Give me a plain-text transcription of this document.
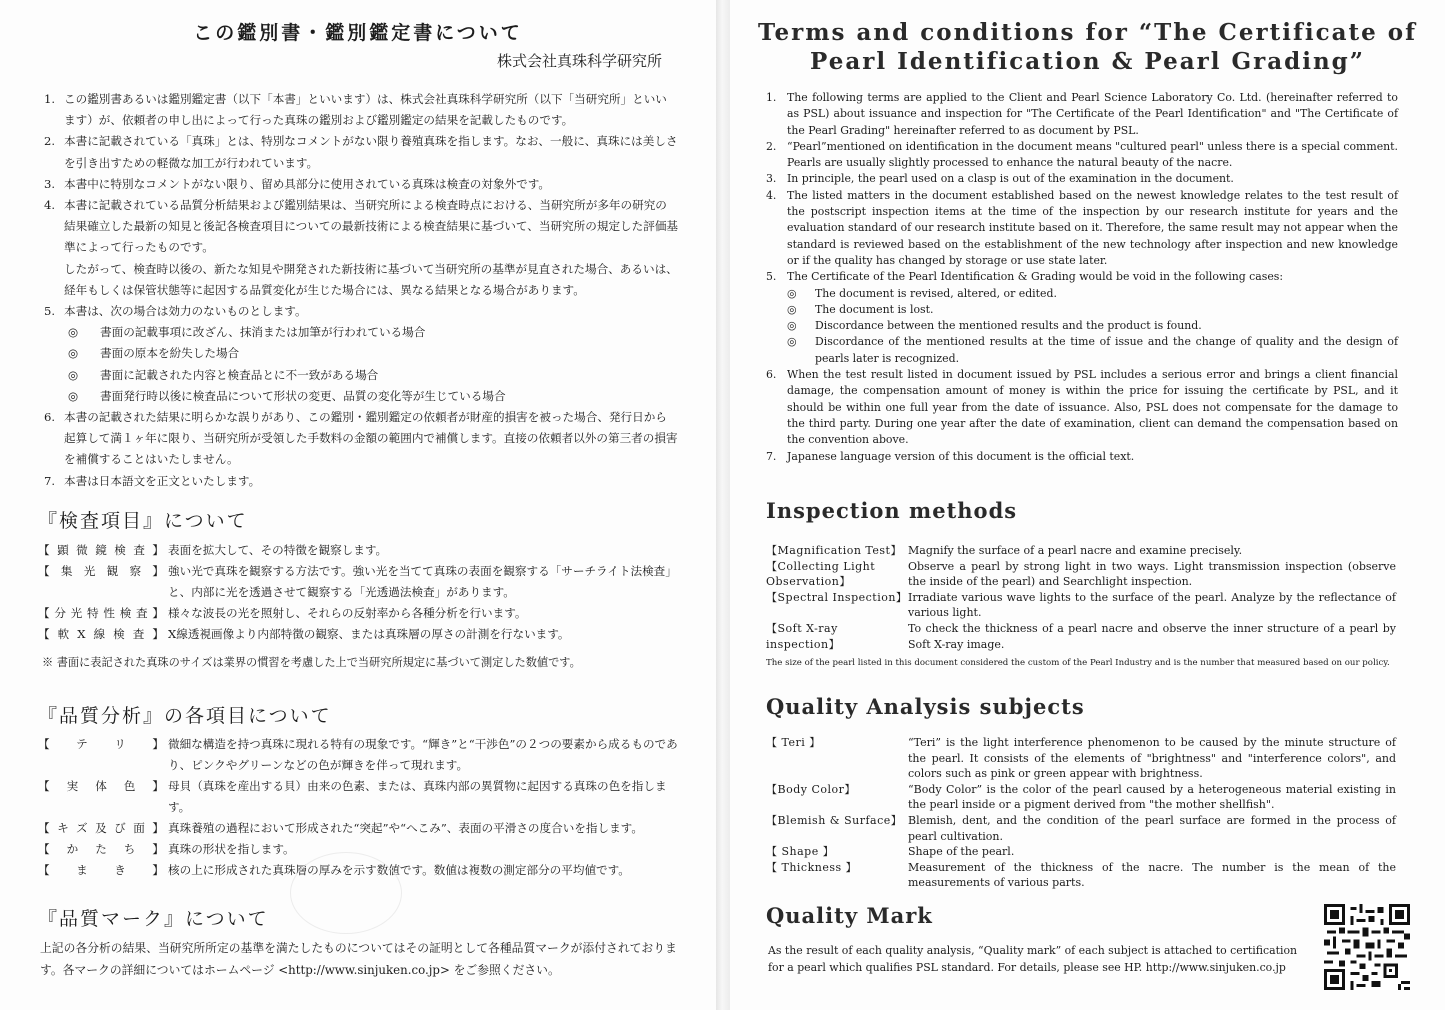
この鑑別書・鑑別鑑定書について
株式会社真珠科学研究所
1. この鑑別書あるいは鑑別鑑定書（以下「本書」といいます）は、株式会社真珠科学研究所（以下「当研究所」といいます）が、依頼者の申し出によって行った真珠の鑑別および鑑別鑑定の結果を記載したものです。
2. 本書に記載されている「真珠」とは、特別なコメントがない限り養殖真珠を指します。なお、一般に、真珠には美しさを引き出すための軽微な加工が行われています。
3. 本書中に特別なコメントがない限り、留め具部分に使用されている真珠は検査の対象外です。
4. 本書に記載されている品質分析結果および鑑別結果は、当研究所による検査時点における、当研究所が多年の研究の結果確立した最新の知見と後記各検査項目についての最新技術による検査結果に基づいて、当研究所の規定した評価基準によって行ったものです。
したがって、検査時以後の、新たな知見や開発された新技術に基づいて当研究所の基準が見直された場合、あるいは、経年もしくは保管状態等に起因する品質変化が生じた場合には、異なる結果となる場合があります。
5. 本書は、次の場合は効力のないものとします。
◎	書面の記載事項に改ざん、抹消または加筆が行われている場合
◎	書面の原本を紛失した場合
◎	書面に記載された内容と検査品とに不一致がある場合
◎	書面発行時以後に検査品について形状の変更、品質の変化等が生じている場合
6. 本書の記載された結果に明らかな誤りがあり、この鑑別・鑑別鑑定の依頼者が財産的損害を被った場合、発行日から起算して満１ヶ年に限り、当研究所が受領した手数料の金額の範囲内で補償します。直接の依頼者以外の第三者の損害を補償することはいたしません。
7. 本書は日本語文を正文といたします。
『検査項目』について
【顕微鏡検査】 表面を拡大して、その特徴を観察します。
【集光観察】 強い光で真珠を観察する方法です。強い光を当てて真珠の表面を観察する「サーチライト法検査」と、内部に光を透過させて観察する「光透過法検査」があります。
【分光特性検査】 様々な波長の光を照射し、それらの反射率から各種分析を行います。
【軟X線検査】 X線透視画像より内部特徴の観察、または真珠層の厚さの計測を行ないます。
※ 書面に表記された真珠のサイズは業界の慣習を考慮した上で当研究所規定に基づいて測定した数値です。
『品質分析』の各項目について
【テリ】 微細な構造を持つ真珠に現れる特有の現象です。“輝き”と“干渉色”の２つの要素から成るものであり、ピンクやグリーンなどの色が輝きを伴って現れます。
【実体色】 母貝（真珠を産出する貝）由来の色素、または、真珠内部の異質物に起因する真珠の色を指します。
【キズ及び面】 真珠養殖の過程において形成された“突起”や“へこみ”、表面の平滑さの度合いを指します。
【かたち】 真珠の形状を指します。
【まき】 核の上に形成された真珠層の厚みを示す数値です。数値は複数の測定部分の平均値です。
『品質マーク』について
上記の各分析の結果、当研究所所定の基準を満たしたものについてはその証明として各種品質マークが添付されております。各マークの詳細についてはホームページ <http://www.sinjuken.co.jp> をご参照ください。
Terms and conditions for “The Certificate of
Pearl Identification & Pearl Grading”
1. The following terms are applied to the Client and Pearl Science Laboratory Co. Ltd. (hereinafter referred to as PSL) about issuance and inspection for "The Certificate of the Pearl Identification" and "The Certificate of the Pearl Grading" hereinafter referred to as document by PSL.
2. “Pearl”mentioned on identification in the document means "cultured pearl" unless there is a special comment. Pearls are usually slightly processed to enhance the natural beauty of the nacre.
3. In principle, the pearl used on a clasp is out of the examination in the document.
4. The listed matters in the document established based on the newest knowledge relates to the test result of the postscript inspection items at the time of the inspection by our research institute for years and the evaluation standard of our research institute based on it. Therefore, the same result may not appear when the standard is reviewed based on the establishment of the new technology after inspection and new knowledge or if the quality has changed by storage or use state later.
5. The Certificate of the Pearl Identification & Grading would be void in the following cases:
◎ The document is revised, altered, or edited.
◎ The document is lost.
◎ Discordance between the mentioned results and the product is found.
◎ Discordance of the mentioned results at the time of issue and the change of quality and the design of pearls later is recognized.
6. When the test result listed in document issued by PSL includes a serious error and brings a client financial damage, the compensation amount of money is within the price for issuing the certificate by PSL, and it should be within one full year from the date of issuance. Also, PSL does not compensate for the damage to the third party. During one year after the date of examination, client can demand the compensation based on the convention above.
7. Japanese language version of this document is the official text.
Inspection methods
【Magnification Test】 Magnify the surface of a pearl nacre and examine precisely.
【Collecting Light Observation】
Observe a pearl by strong light in two ways. Light transmission inspection (observe the inside of the pearl) and Searchlight inspection.
【Spectral Inspection】 Irradiate various wave lights to the surface of the pearl. Analyze by the reflectance of various light.
【Soft X-ray inspection】
To check the thickness of a pearl nacre and observe the inner structure of a pearl by Soft X-ray image.
The size of the pearl listed in this document considered the custom of the Pearl Industry and is the number that measured based on our policy.
Quality Analysis subjects
【 Teri 】	“Teri” is the light interference phenomenon to be caused by the minute structure of the pearl. It consists of the elements of "brightness" and "interference colors", and colors such as pink or green appear with brightness.
【Body Color】	“Body Color” is the color of the pearl caused by a heterogeneous material existing in the pearl inside or a pigment derived from "the mother shellfish".
【Blemish & Surface】 Blemish, dent, and the condition of the pearl surface are formed in the process of pearl cultivation.
【 Shape 】	Shape of the pearl.
【 Thickness 】	Measurement of the thickness of the nacre. The number is the mean of the measurements of various parts.
Quality Mark
As the result of each quality analysis, “Quality mark” of each subject is attached to certification for a pearl which qualifies PSL standard. For details, please see HP. http://www.sinjuken.co.jp
